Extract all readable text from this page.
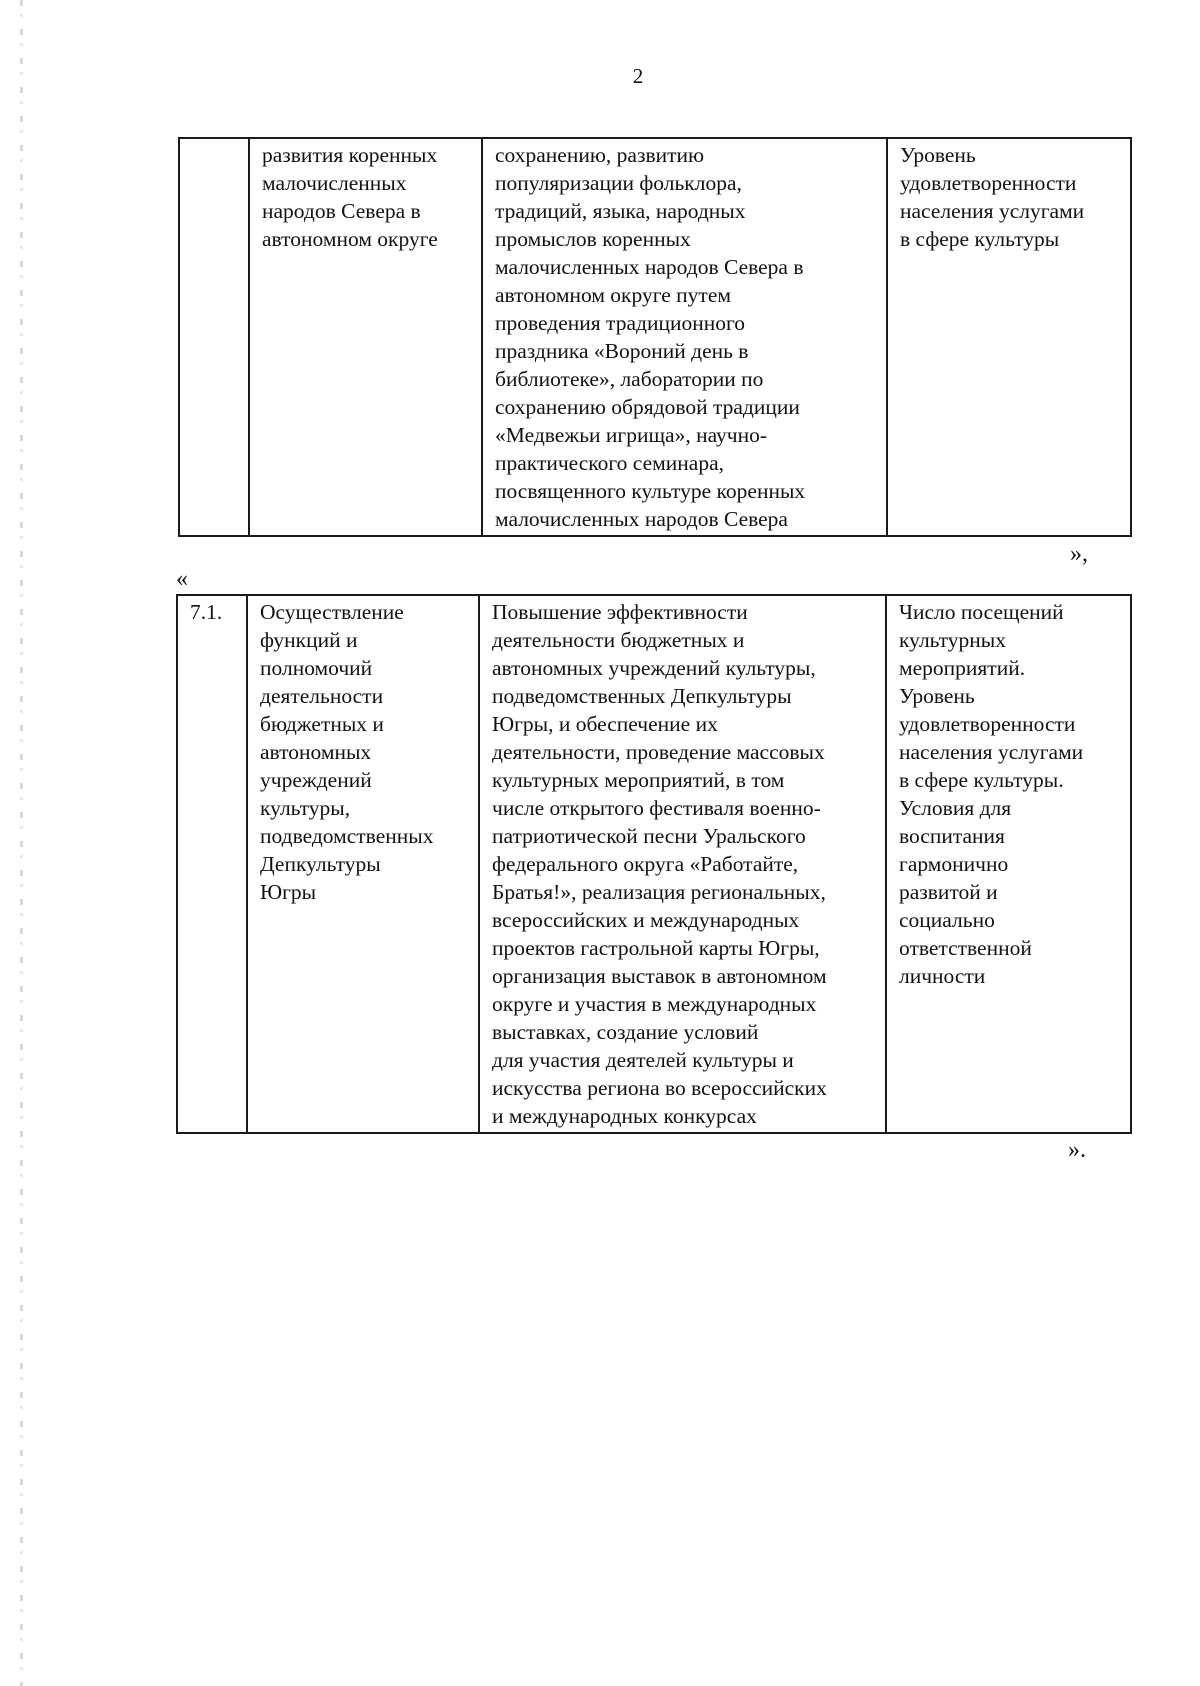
2
	развития коренных
малочисленных
народов Севера в
автономном округе	сохранению, развитию
популяризации фольклора,
традиций, языка, народных
промыслов коренных
малочисленных народов Севера в
автономном округе путем
проведения традиционного
праздника «Вороний день в
библиотеке», лаборатории по
сохранению обрядовой традиции
«Медвежьи игрища», научно-
практического семинара,
посвященного культуре коренных
малочисленных народов Севера	Уровень
удовлетворенности
населения услугами
в сфере культуры
»,
«
7.1.	Осуществление
функций и
полномочий
деятельности
бюджетных и
автономных
учреждений
культуры,
подведомственных
Депкультуры
Югры	Повышение эффективности
деятельности бюджетных и
автономных учреждений культуры,
подведомственных Депкультуры
Югры, и обеспечение их
деятельности, проведение массовых
культурных мероприятий, в том
числе открытого фестиваля военно-
патриотической песни Уральского
федерального округа «Работайте,
Братья!», реализация региональных,
всероссийских и международных
проектов гастрольной карты Югры,
организация выставок в автономном
округе и участия в международных
выставках, создание условий
для участия деятелей культуры и
искусства региона во всероссийских
и международных конкурсах	Число посещений
культурных
мероприятий.
Уровень
удовлетворенности
населения услугами
в сфере культуры.
Условия для
воспитания
гармонично
развитой и
социально
ответственной
личности
».
